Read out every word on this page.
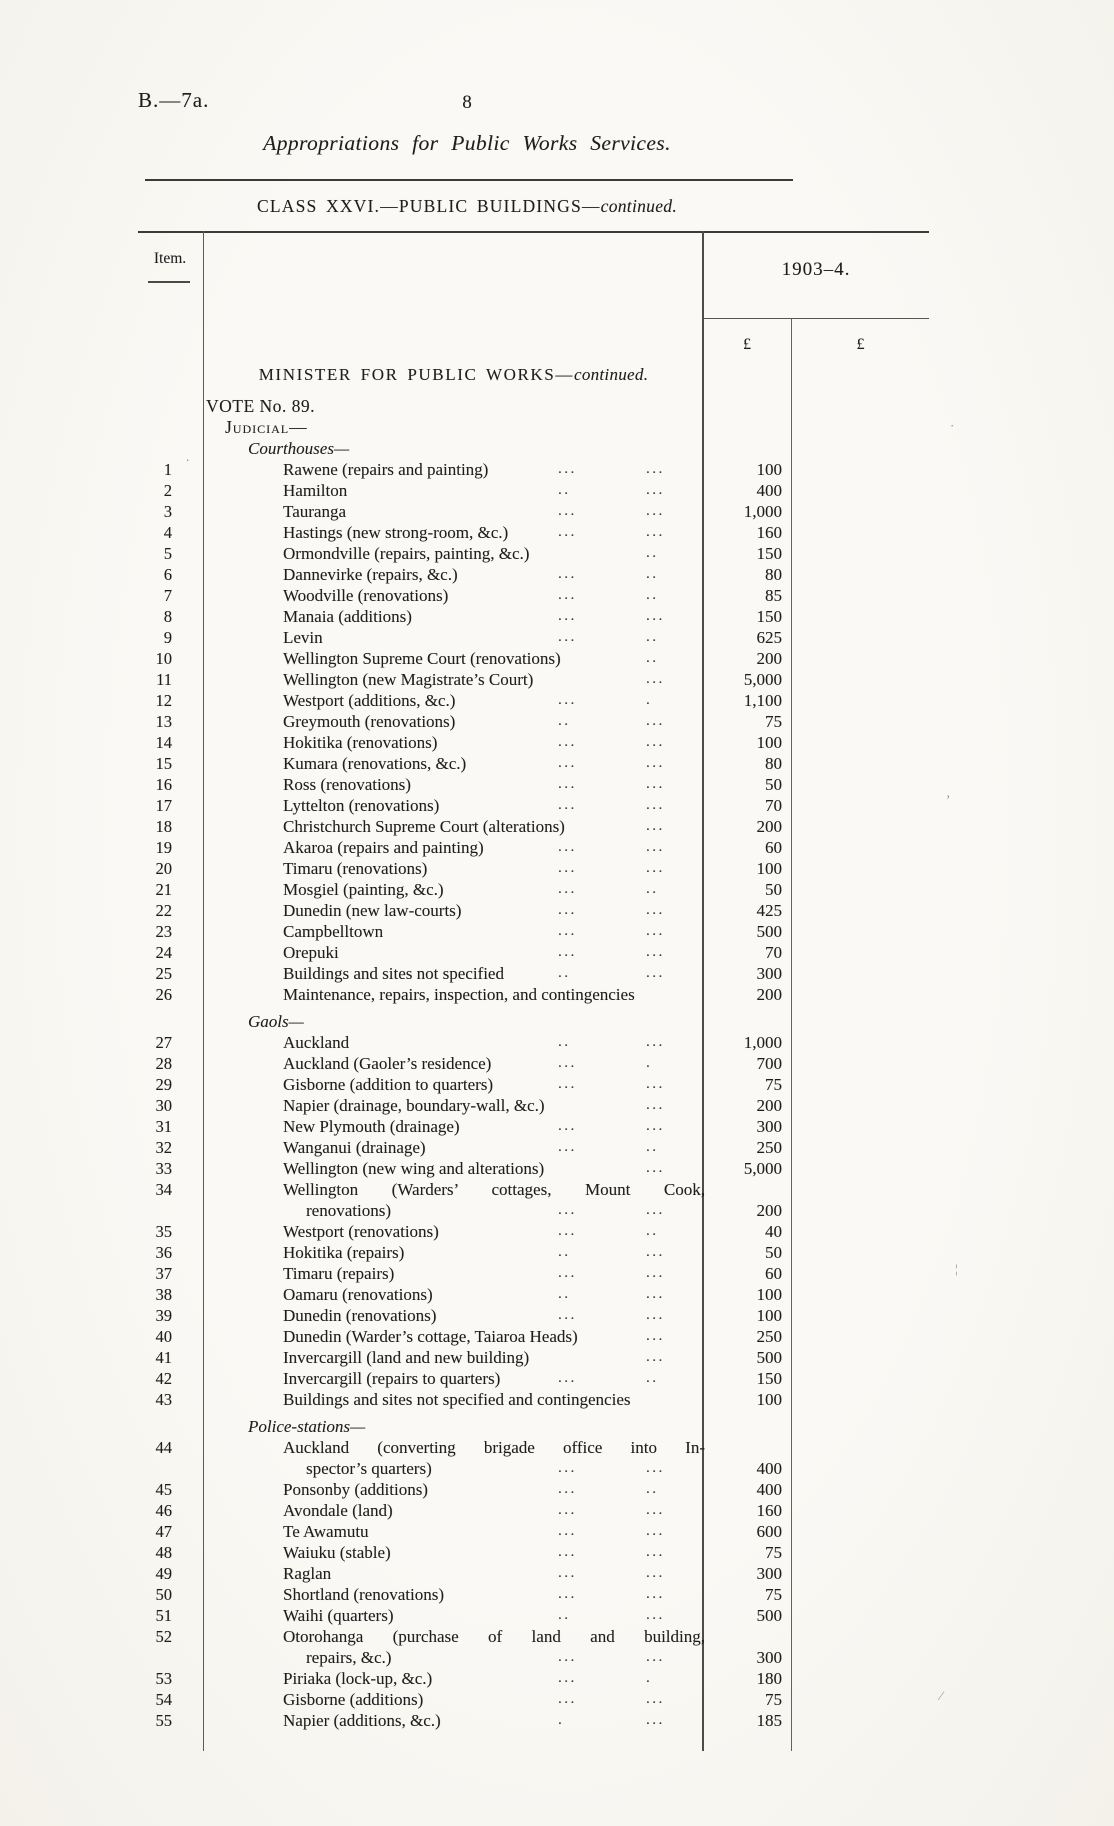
B.—7a.	8
Appropriations for Public Works Services.
CLASS XXVI.—PUBLIC BUILDINGS—continued.
Item.
1903–4.
£	£
MINISTER FOR PUBLIC WORKS—continued.
VOTE No. 89.
Judicial—
Courthouses—
1	Rawene (repairs and painting)	...	...	100
2	Hamilton	..	...	400
3	Tauranga	...	...	1,000
4	Hastings (new strong-room, &c.)	...	...	160
5	Ormondville (repairs, painting, &c.)	..	150
6	Dannevirke (repairs, &c.)	...	..	80
7	Woodville (renovations)	...	..	85
8	Manaia (additions)	...	...	150
9	Levin	...	..	625
10	Wellington Supreme Court (renovations)	..	200
11	Wellington (new Magistrate’s Court)	...	5,000
12	Westport (additions, &c.)	...	.	1,100
13	Greymouth (renovations)	..	...	75
14	Hokitika (renovations)	...	...	100
15	Kumara (renovations, &c.)	...	...	80
16	Ross (renovations)	...	...	50
17	Lyttelton (renovations)	...	...	70
18	Christchurch Supreme Court (alterations)	...	200
19	Akaroa (repairs and painting)	...	...	60
20	Timaru (renovations)	...	...	100
21	Mosgiel (painting, &c.)	...	..	50
22	Dunedin (new law-courts)	...	...	425
23	Campbelltown	...	...	500
24	Orepuki	...	...	70
25	Buildings and sites not specified	..	...	300
26	Maintenance, repairs, inspection, and contingencies	200
Gaols—
27	Auckland	..	...	1,000
28	Auckland (Gaoler’s residence)	...	.	700
29	Gisborne (addition to quarters)	...	...	75
30	Napier (drainage, boundary-wall, &c.)	...	200
31	New Plymouth (drainage)	...	...	300
32	Wanganui (drainage)	...	..	250
33	Wellington (new wing and alterations)	...	5,000
34	Wellington (Warders’ cottages, Mount Cook,
renovations)	...	...	200
35	Westport (renovations)	...	..	40
36	Hokitika (repairs)	..	...	50
37	Timaru (repairs)	...	...	60
38	Oamaru (renovations)	..	...	100
39	Dunedin (renovations)	...	...	100
40	Dunedin (Warder’s cottage, Taiaroa Heads)	...	250
41	Invercargill (land and new building)	...	500
42	Invercargill (repairs to quarters)	...	..	150
43	Buildings and sites not specified and contingencies	100
Police-stations—
44	Auckland (converting brigade office into In-
spector’s quarters)	...	...	400
45	Ponsonby (additions)	...	..	400
46	Avondale (land)	...	...	160
47	Te Awamutu	...	...	600
48	Waiuku (stable)	...	...	75
49	Raglan	...	...	300
50	Shortland (renovations)	...	...	75
51	Waihi (quarters)	..	...	500
52	Otorohanga (purchase of land and building,
repairs, &c.)	...	...	300
53	Piriaka (lock-up, &c.)	...	.	180
54	Gisborne (additions)	...	...	75
55	Napier (additions, &c.)	.	...	185
.
·
’
¦
⁄
